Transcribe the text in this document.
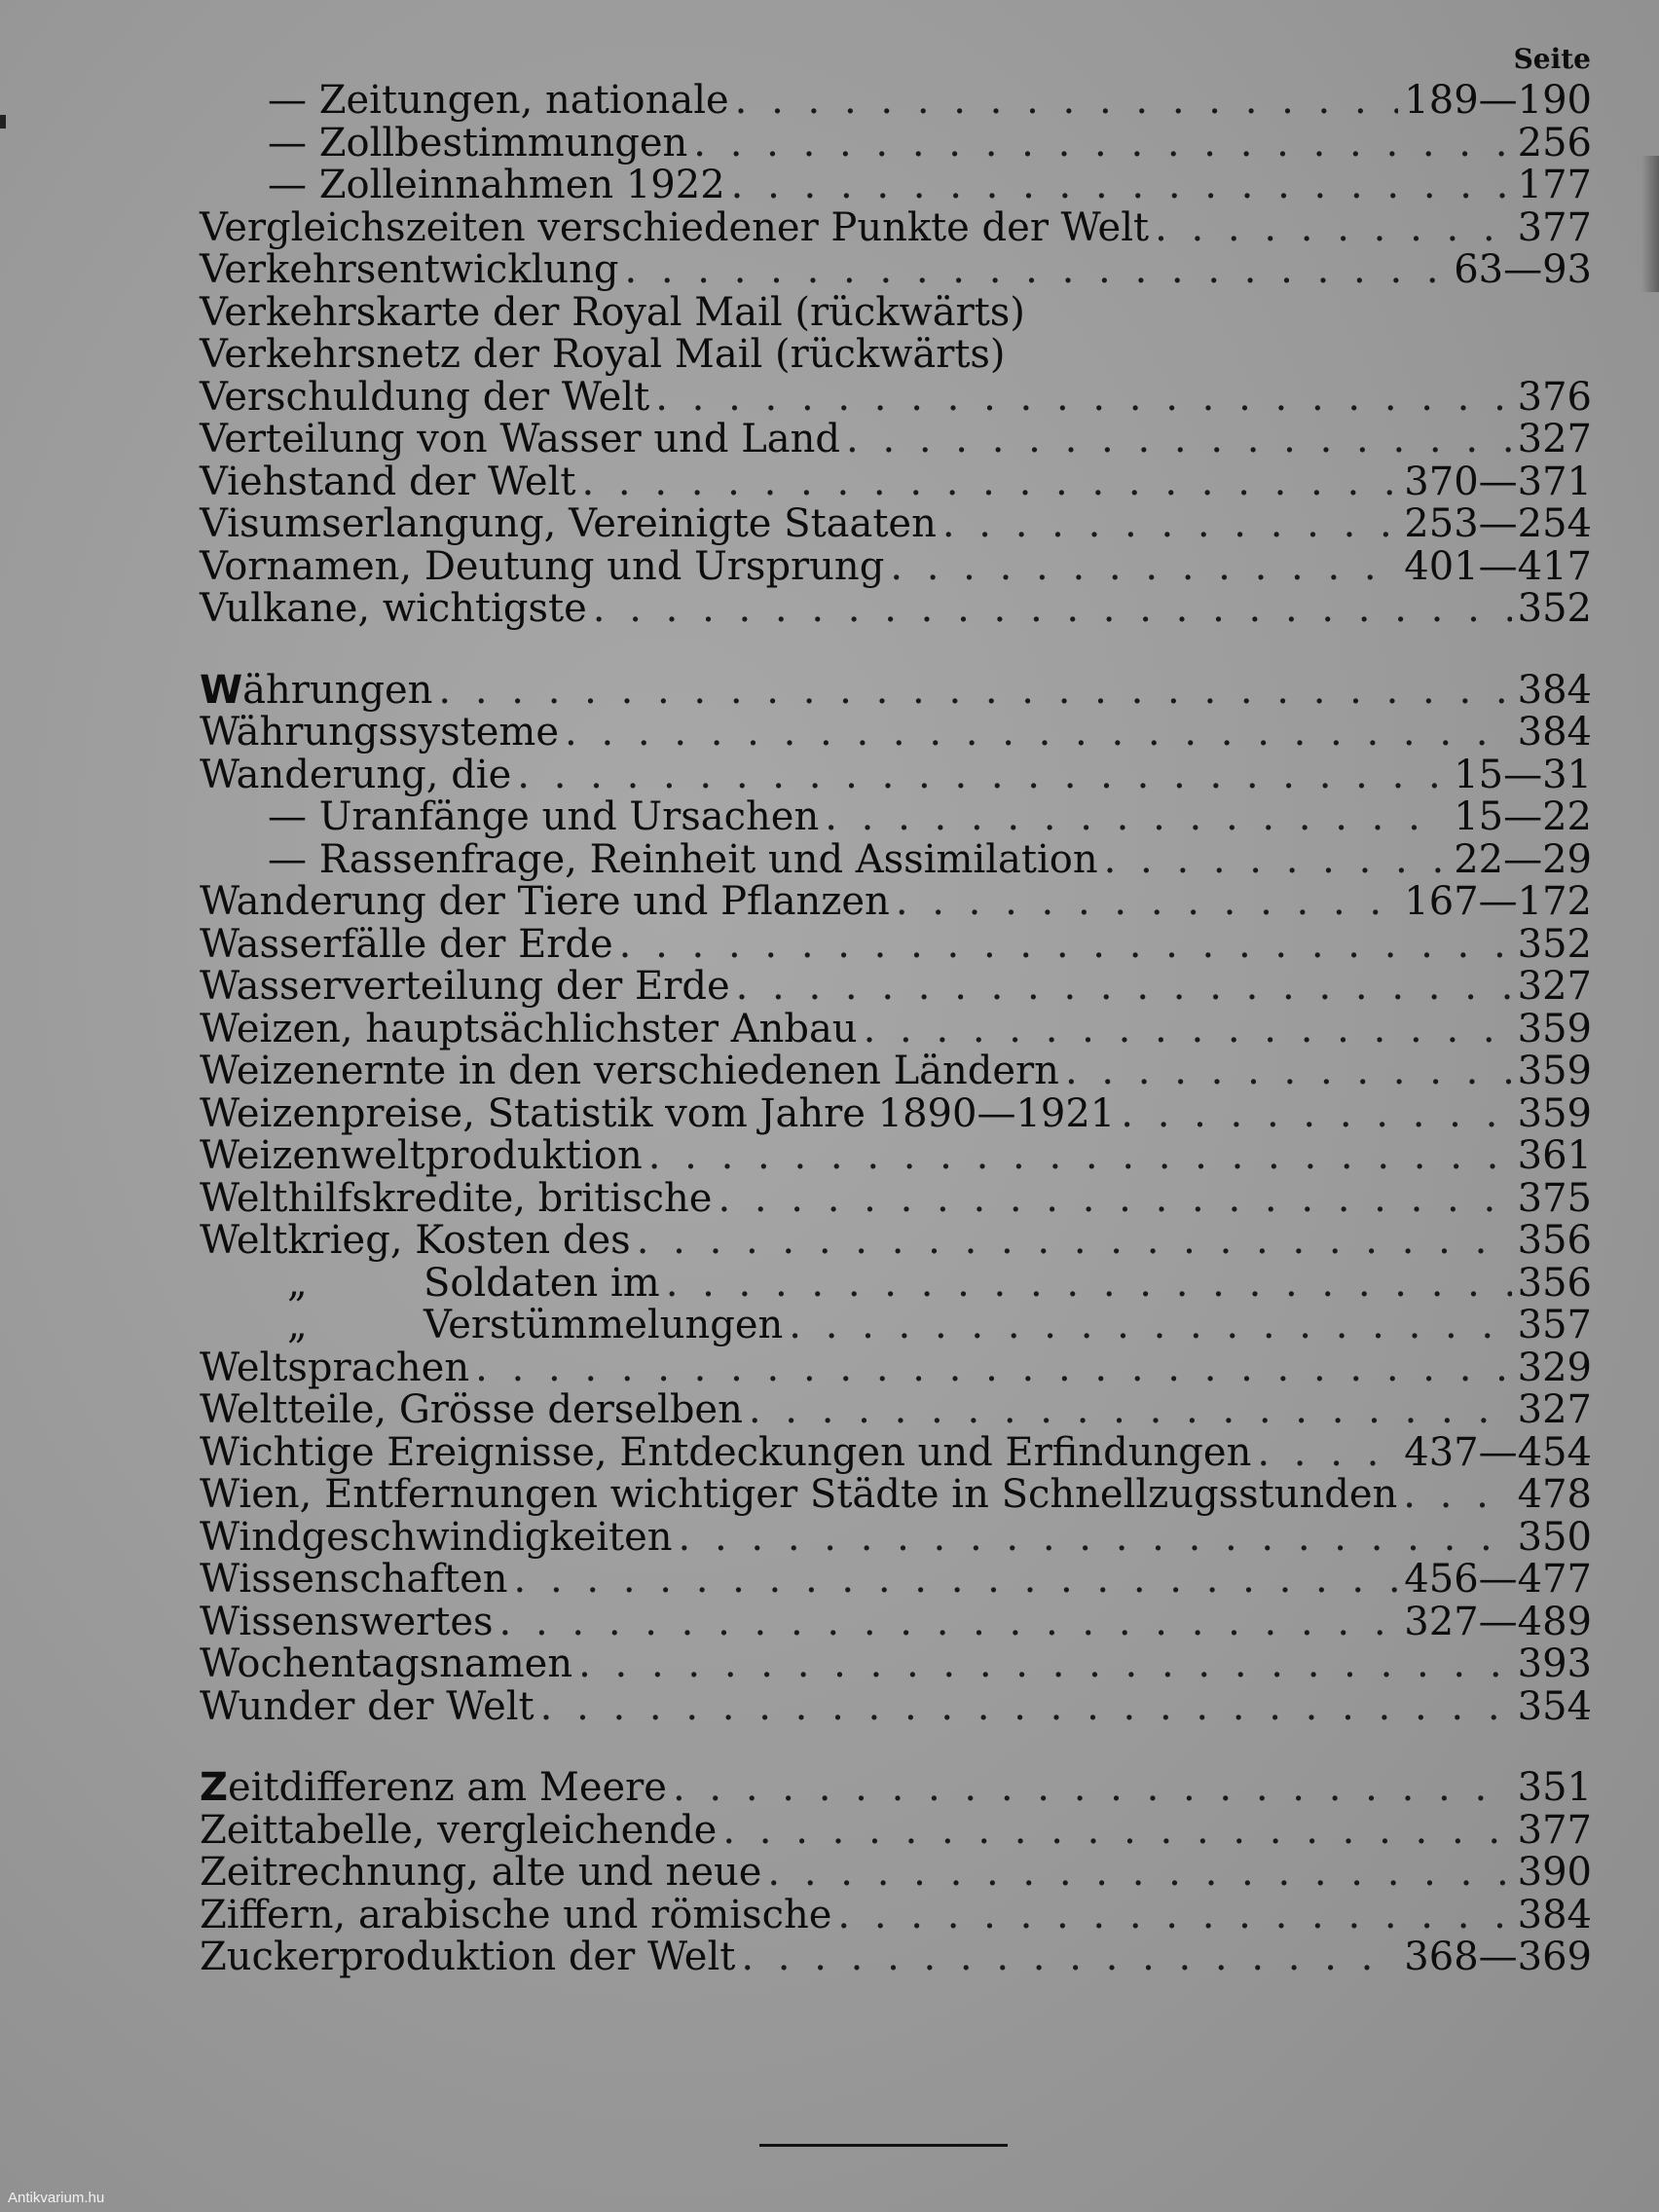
Seite
— Zeitungen, nationale . . .	189—190
— Zollbestimmungen . . .	256
— Zolleinnahmen 1922 . . .	177
Vergleichszeiten verschiedener Punkte der Welt . . .	377
Verkehrsentwicklung . . .	63—93
Verkehrskarte der Royal Mail (rückwärts)
Verkehrsnetz der Royal Mail (rückwärts)
Verschuldung der Welt . . .	376
Verteilung von Wasser und Land . . .	327
Viehstand der Welt . . .	370—371
Visumserlangung, Vereinigte Staaten . . .	253—254
Vornamen, Deutung und Ursprung . . .	401—417
Vulkane, wichtigste . . .	352
Währungen . . .	384
Währungssysteme . . .	384
Wanderung, die . . .	15—31
— Uranfänge und Ursachen . . .	15—22
— Rassenfrage, Reinheit und Assimilation . . .	22—29
Wanderung der Tiere und Pflanzen . . .	167—172
Wasserfälle der Erde . . .	352
Wasserverteilung der Erde . . .	327
Weizen, hauptsächlichster Anbau . . .	359
Weizenernte in den verschiedenen Ländern . . .	359
Weizenpreise, Statistik vom Jahre 1890—1921 . . .	359
Weizenweltproduktion . . .	361
Welthilfskredite, britische . . .	375
Weltkrieg, Kosten des . . .	356
„	Soldaten im . . .	356
„	Verstümmelungen . . .	357
Weltsprachen . . .	329
Weltteile, Grösse derselben . . .	327
Wichtige Ereignisse, Entdeckungen und Erfindungen . . .	437—454
Wien, Entfernungen wichtiger Städte in Schnellzugsstunden . . .	478
Windgeschwindigkeiten . . .	350
Wissenschaften . . .	456—477
Wissenswertes . . .	327—489
Wochentagsnamen . . .	393
Wunder der Welt . . .	354
Zeitdifferenz am Meere . . .	351
Zeittabelle, vergleichende . . .	377
Zeitrechnung, alte und neue . . .	390
Ziffern, arabische und römische . . .	384
Zuckerproduktion der Welt . . .	368—369
Antikvarium.hu
